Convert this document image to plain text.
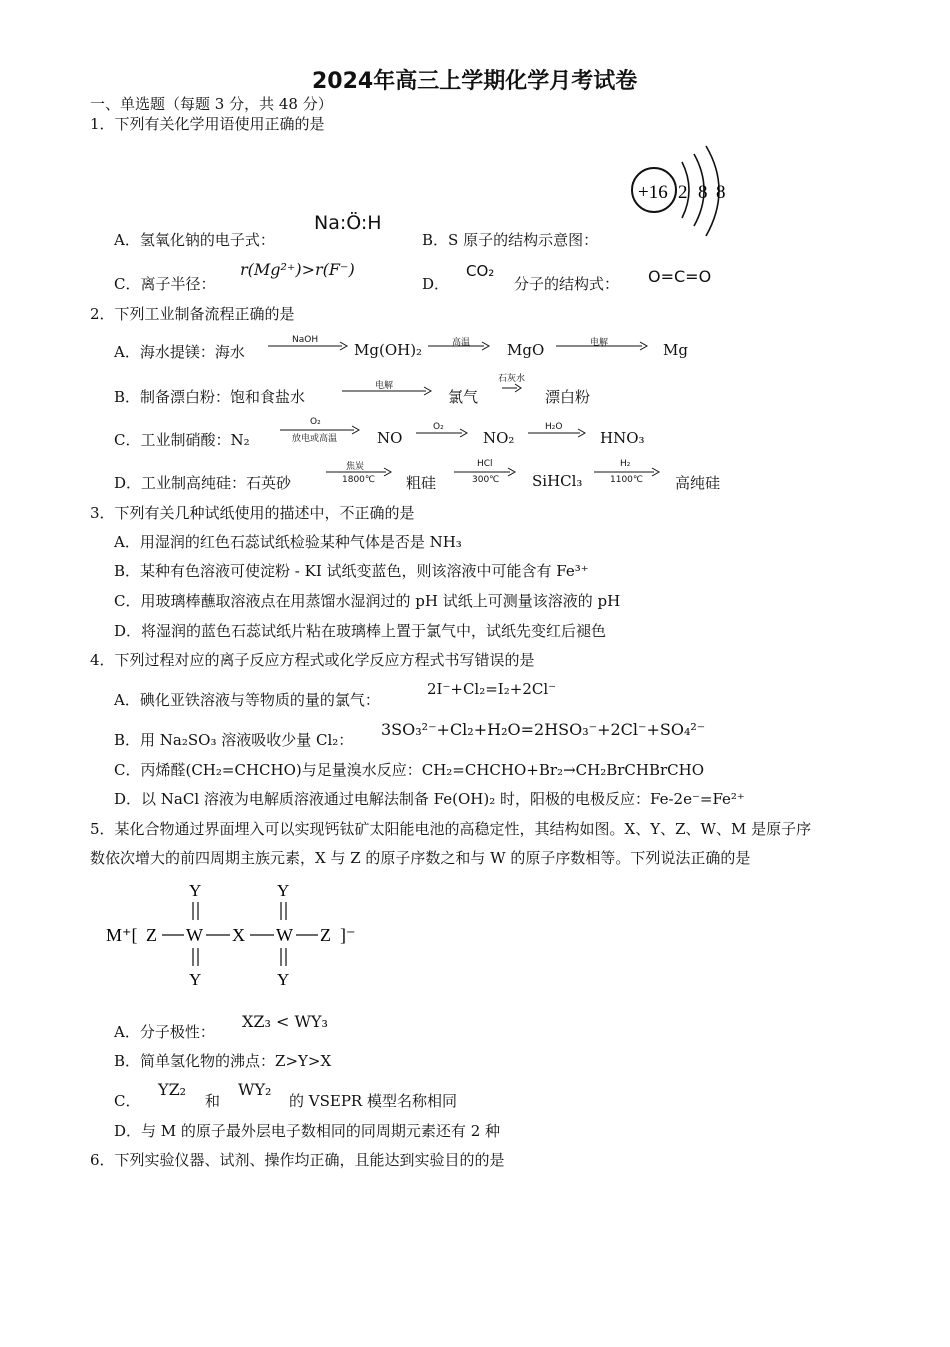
2024年高三上学期化学月考试卷
一、单选题（每题 3 分，共 48 分）
1．下列有关化学用语使用正确的是
A．氢氧化钠的电子式：
Na:Ö:H
B．S 原子的结构示意图：
+16 2 8 8
C．离子半径：
r(Mg²⁺)>r(F⁻)
D．
CO₂
分子的结构式： O=C=O
2．下列工业制备流程正确的是
A．海水提镁：海水
NaOH
Mg(OH)₂	高温 MgO	电解	Mg
B．制备漂白粉：饱和食盐水
电解
氯气
石灰水
漂白粉
C．工业制硝酸：N₂
O₂
放电或高温	NO
O₂
NO₂
H₂O
HNO₃
D．工业制高纯硅：石英砂
焦炭
1800℃ 粗硅
HCl
300℃ SiHCl₃
H₂
1100℃ 高纯硅
3．下列有关几种试纸使用的描述中，不正确的是
A．用湿润的红色石蕊试纸检验某种气体是否是 NH₃
B．某种有色溶液可使淀粉 - KI 试纸变蓝色，则该溶液中可能含有 Fe³⁺
C．用玻璃棒蘸取溶液点在用蒸馏水湿润过的 pH 试纸上可测量该溶液的 pH
D．将湿润的蓝色石蕊试纸片粘在玻璃棒上置于氯气中，试纸先变红后褪色
4．下列过程对应的离子反应方程式或化学反应方程式书写错误的是
A．碘化亚铁溶液与等物质的量的氯气：
2I⁻+Cl₂=I₂+2Cl⁻
B．用 Na₂SO₃ 溶液吸收少量 Cl₂：
3SO₃²⁻+Cl₂+H₂O=2HSO₃⁻+2Cl⁻+SO₄²⁻
C．丙烯醛(CH₂=CHCHO)与足量溴水反应：CH₂=CHCHO+Br₂→CH₂BrCHBrCHO
D．以 NaCl 溶液为电解质溶液通过电解法制备 Fe(OH)₂ 时，阳极的电极反应：Fe-2e⁻=Fe²⁺
5．某化合物通过界面埋入可以实现钙钛矿太阳能电池的高稳定性，其结构如图。X、Y、Z、W、M 是原子序
数依次增大的前四周期主族元素，X 与 Z 的原子序数之和与 W 的原子序数相等。下列说法正确的是
M⁺[ Z W X W Z ]⁻
Y
Y
Y
Y
A．分子极性：
XZ₃ < WY₃
B．简单氢化物的沸点：Z>Y>X
C．
YZ₂
和
WY₂
的 VSEPR 模型名称相同
D．与 M 的原子最外层电子数相同的同周期元素还有 2 种
6．下列实验仪器、试剂、操作均正确，且能达到实验目的的是
